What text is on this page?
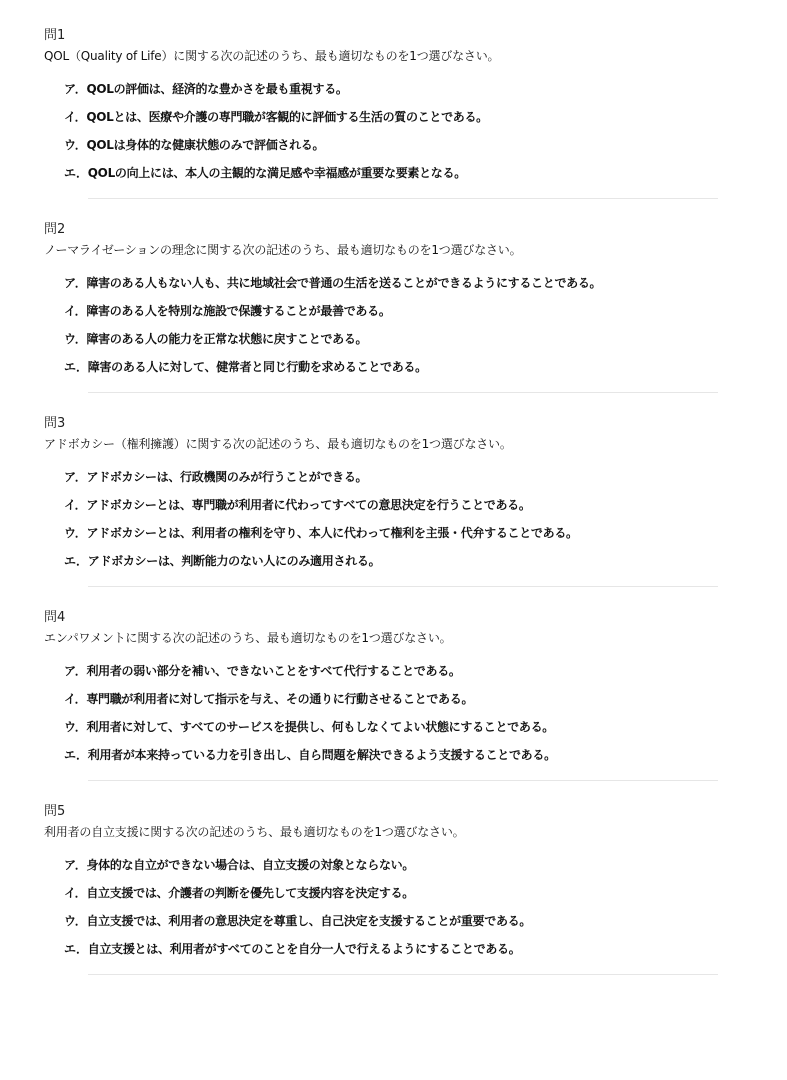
問1

QOL（Quality of Life）に関する次の記述のうち、最も適切なものを1つ選びなさい。

ア．QOLの評価は、経済的な豊かさを最も重視する。
イ．QOLとは、医療や介護の専門職が客観的に評価する生活の質のことである。
ウ．QOLは身体的な健康状態のみで評価される。
エ．QOLの向上には、本人の主観的な満足感や幸福感が重要な要素となる。
問2

ノーマライゼーションの理念に関する次の記述のうち、最も適切なものを1つ選びなさい。

ア．障害のある人もない人も、共に地域社会で普通の生活を送ることができるようにすることである。
イ．障害のある人を特別な施設で保護することが最善である。
ウ．障害のある人の能力を正常な状態に戻すことである。
エ．障害のある人に対して、健常者と同じ行動を求めることである。
問3

アドボカシー（権利擁護）に関する次の記述のうち、最も適切なものを1つ選びなさい。

ア．アドボカシーは、行政機関のみが行うことができる。
イ．アドボカシーとは、専門職が利用者に代わってすべての意思決定を行うことである。
ウ．アドボカシーとは、利用者の権利を守り、本人に代わって権利を主張・代弁することである。
エ．アドボカシーは、判断能力のない人にのみ適用される。
問4

エンパワメントに関する次の記述のうち、最も適切なものを1つ選びなさい。

ア．利用者の弱い部分を補い、できないことをすべて代行することである。
イ．専門職が利用者に対して指示を与え、その通りに行動させることである。
ウ．利用者に対して、すべてのサービスを提供し、何もしなくてよい状態にすることである。
エ．利用者が本来持っている力を引き出し、自ら問題を解決できるよう支援することである。
問5

利用者の自立支援に関する次の記述のうち、最も適切なものを1つ選びなさい。

ア．身体的な自立ができない場合は、自立支援の対象とならない。
イ．自立支援では、介護者の判断を優先して支援内容を決定する。
ウ．自立支援では、利用者の意思決定を尊重し、自己決定を支援することが重要である。
エ．自立支援とは、利用者がすべてのことを自分一人で行えるようにすることである。
